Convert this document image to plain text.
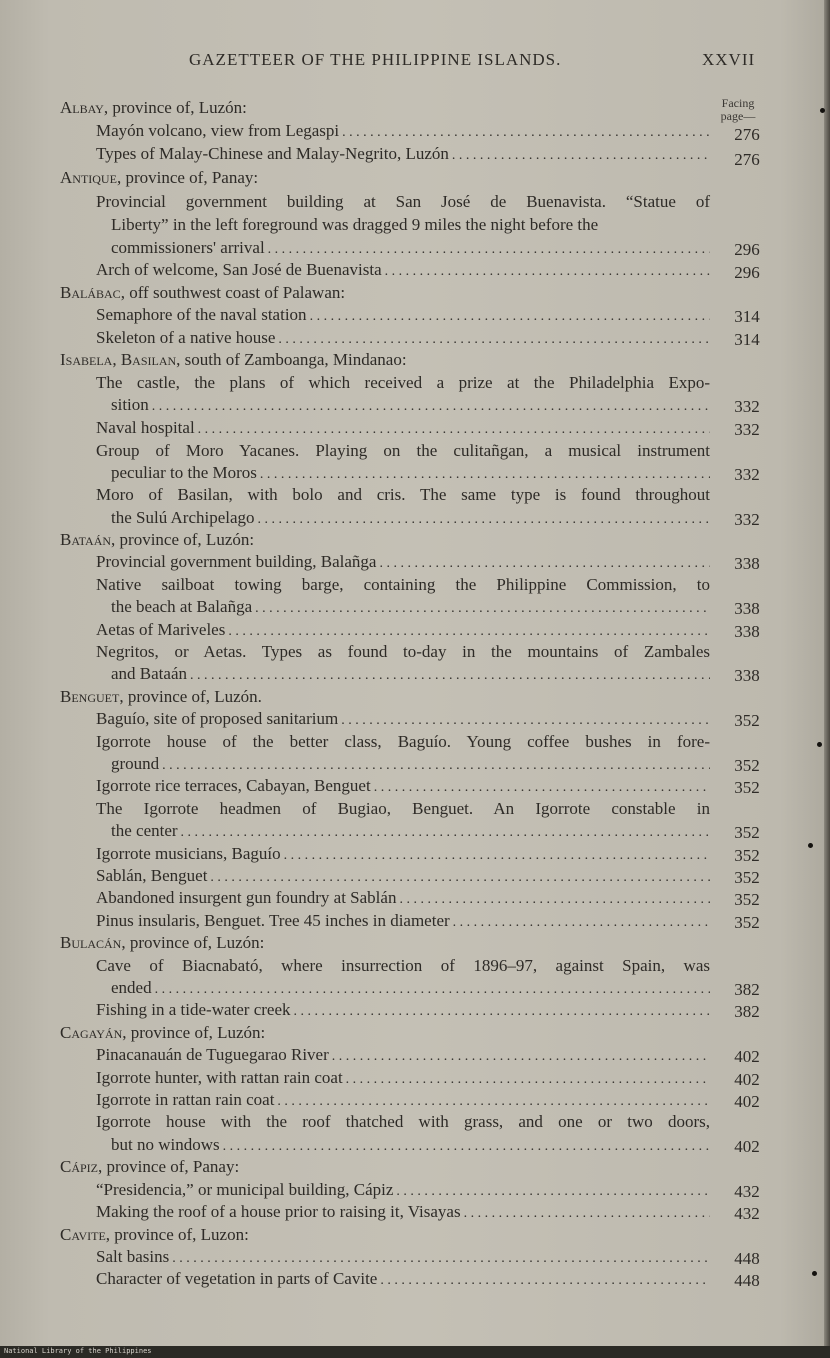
GAZETTEER OF THE PHILIPPINE ISLANDS.	XXVII
Facing
page—
Albay, province of, Luzón:
Mayón volcano, view from Legaspi . . .	276
Types of Malay-Chinese and Malay-Negrito, Luzón . . .	276
Antique, province of, Panay:
Provincial government building at San José de Buenavista. “Statue of
Liberty” in the left foreground was dragged 9 miles the night before the
commissioners' arrival . . .	296
Arch of welcome, San José de Buenavista . . .	296
Balábac, off southwest coast of Palawan:
Semaphore of the naval station . . .	314
Skeleton of a native house . . .	314
Isabela, Basilan, south of Zamboanga, Mindanao:
The castle, the plans of which received a prize at the Philadelphia Expo-
sition . . .	332
Naval hospital . . .	332
Group of Moro Yacanes. Playing on the culitañgan, a musical instrument
peculiar to the Moros . . .	332
Moro of Basilan, with bolo and cris. The same type is found throughout
the Sulú Archipelago . . .	332
Bataán, province of, Luzón:
Provincial government building, Balañga . . .	338
Native sailboat towing barge, containing the Philippine Commission, to
the beach at Balañga . . .	338
Aetas of Mariveles . . .	338
Negritos, or Aetas. Types as found to-day in the mountains of Zambales
and Bataán . . .	338
Benguet, province of, Luzón.
Baguío, site of proposed sanitarium . . .	352
Igorrote house of the better class, Baguío. Young coffee bushes in fore-
ground . . .	352
Igorrote rice terraces, Cabayan, Benguet . . .	352
The Igorrote headmen of Bugiao, Benguet. An Igorrote constable in
the center . . .	352
Igorrote musicians, Baguío . . .	352
Sablán, Benguet . . .	352
Abandoned insurgent gun foundry at Sablán . . .	352
Pinus insularis, Benguet. Tree 45 inches in diameter . . .	352
Bulacán, province of, Luzón:
Cave of Biacnabató, where insurrection of 1896–97, against Spain, was
ended . . .	382
Fishing in a tide-water creek . . .	382
Cagayán, province of, Luzón:
Pinacanauán de Tuguegarao River . . .	402
Igorrote hunter, with rattan rain coat . . .	402
Igorrote in rattan rain coat . . .	402
Igorrote house with the roof thatched with grass, and one or two doors,
but no windows . . .	402
Cápiz, province of, Panay:
“Presidencia,” or municipal building, Cápiz . . .	432
Making the roof of a house prior to raising it, Visayas . . .	432
Cavite, province of, Luzon:
Salt basins . . .	448
Character of vegetation in parts of Cavite . . .	448
National Library of the Philippines
